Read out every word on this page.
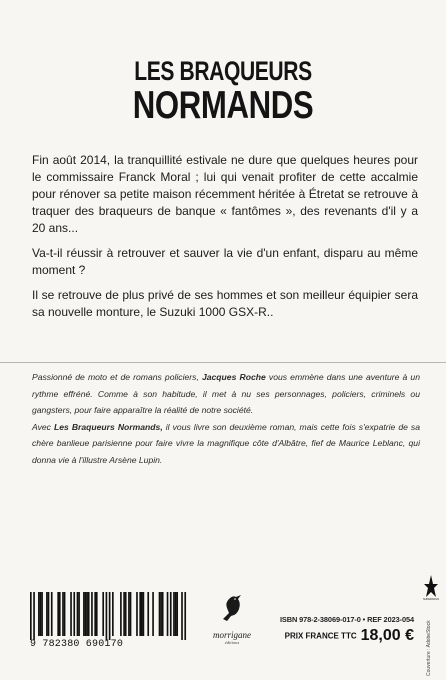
LES BRAQUEURS
NORMANDS

Fin août 2014, la tranquillité estivale ne dure que quelques heures pour le commissaire Franck Moral ; lui qui venait profiter de cette accalmie pour rénover sa petite maison récemment héritée à Étretat se retrouve à traquer des braqueurs de banque « fantômes », des revenants d'il y a 20 ans...

Va-t-il réussir à retrouver et sauver la vie d'un enfant, disparu au même moment ?

Il se retrouve de plus privé de ses hommes et son meilleur équipier sera sa nouvelle monture, le Suzuki 1000 GSX-R..

Passionné de moto et de romans policiers, Jacques Roche vous emmène dans une aventure à un rythme effréné. Comme à son habitude, il met à nu ses personnages, policiers, criminels ou gangsters, pour faire apparaître la réalité de notre société.
Avec Les Braqueurs Normands, il vous livre son deuxième roman, mais cette fois s'expatrie de sa chère banlieue parisienne pour faire vivre la magnifique côte d'Albâtre, fief de Maurice Leblanc, qui donna vie à l'illustre Arsène Lupin.
SUPERNOVA
Couverture : AdobeStock
9 782380 690170
morrigane
éditions
ISBN 978-2-38069-017-0 • REF 2023-054
PRIX FRANCE TTC 18,00 €
